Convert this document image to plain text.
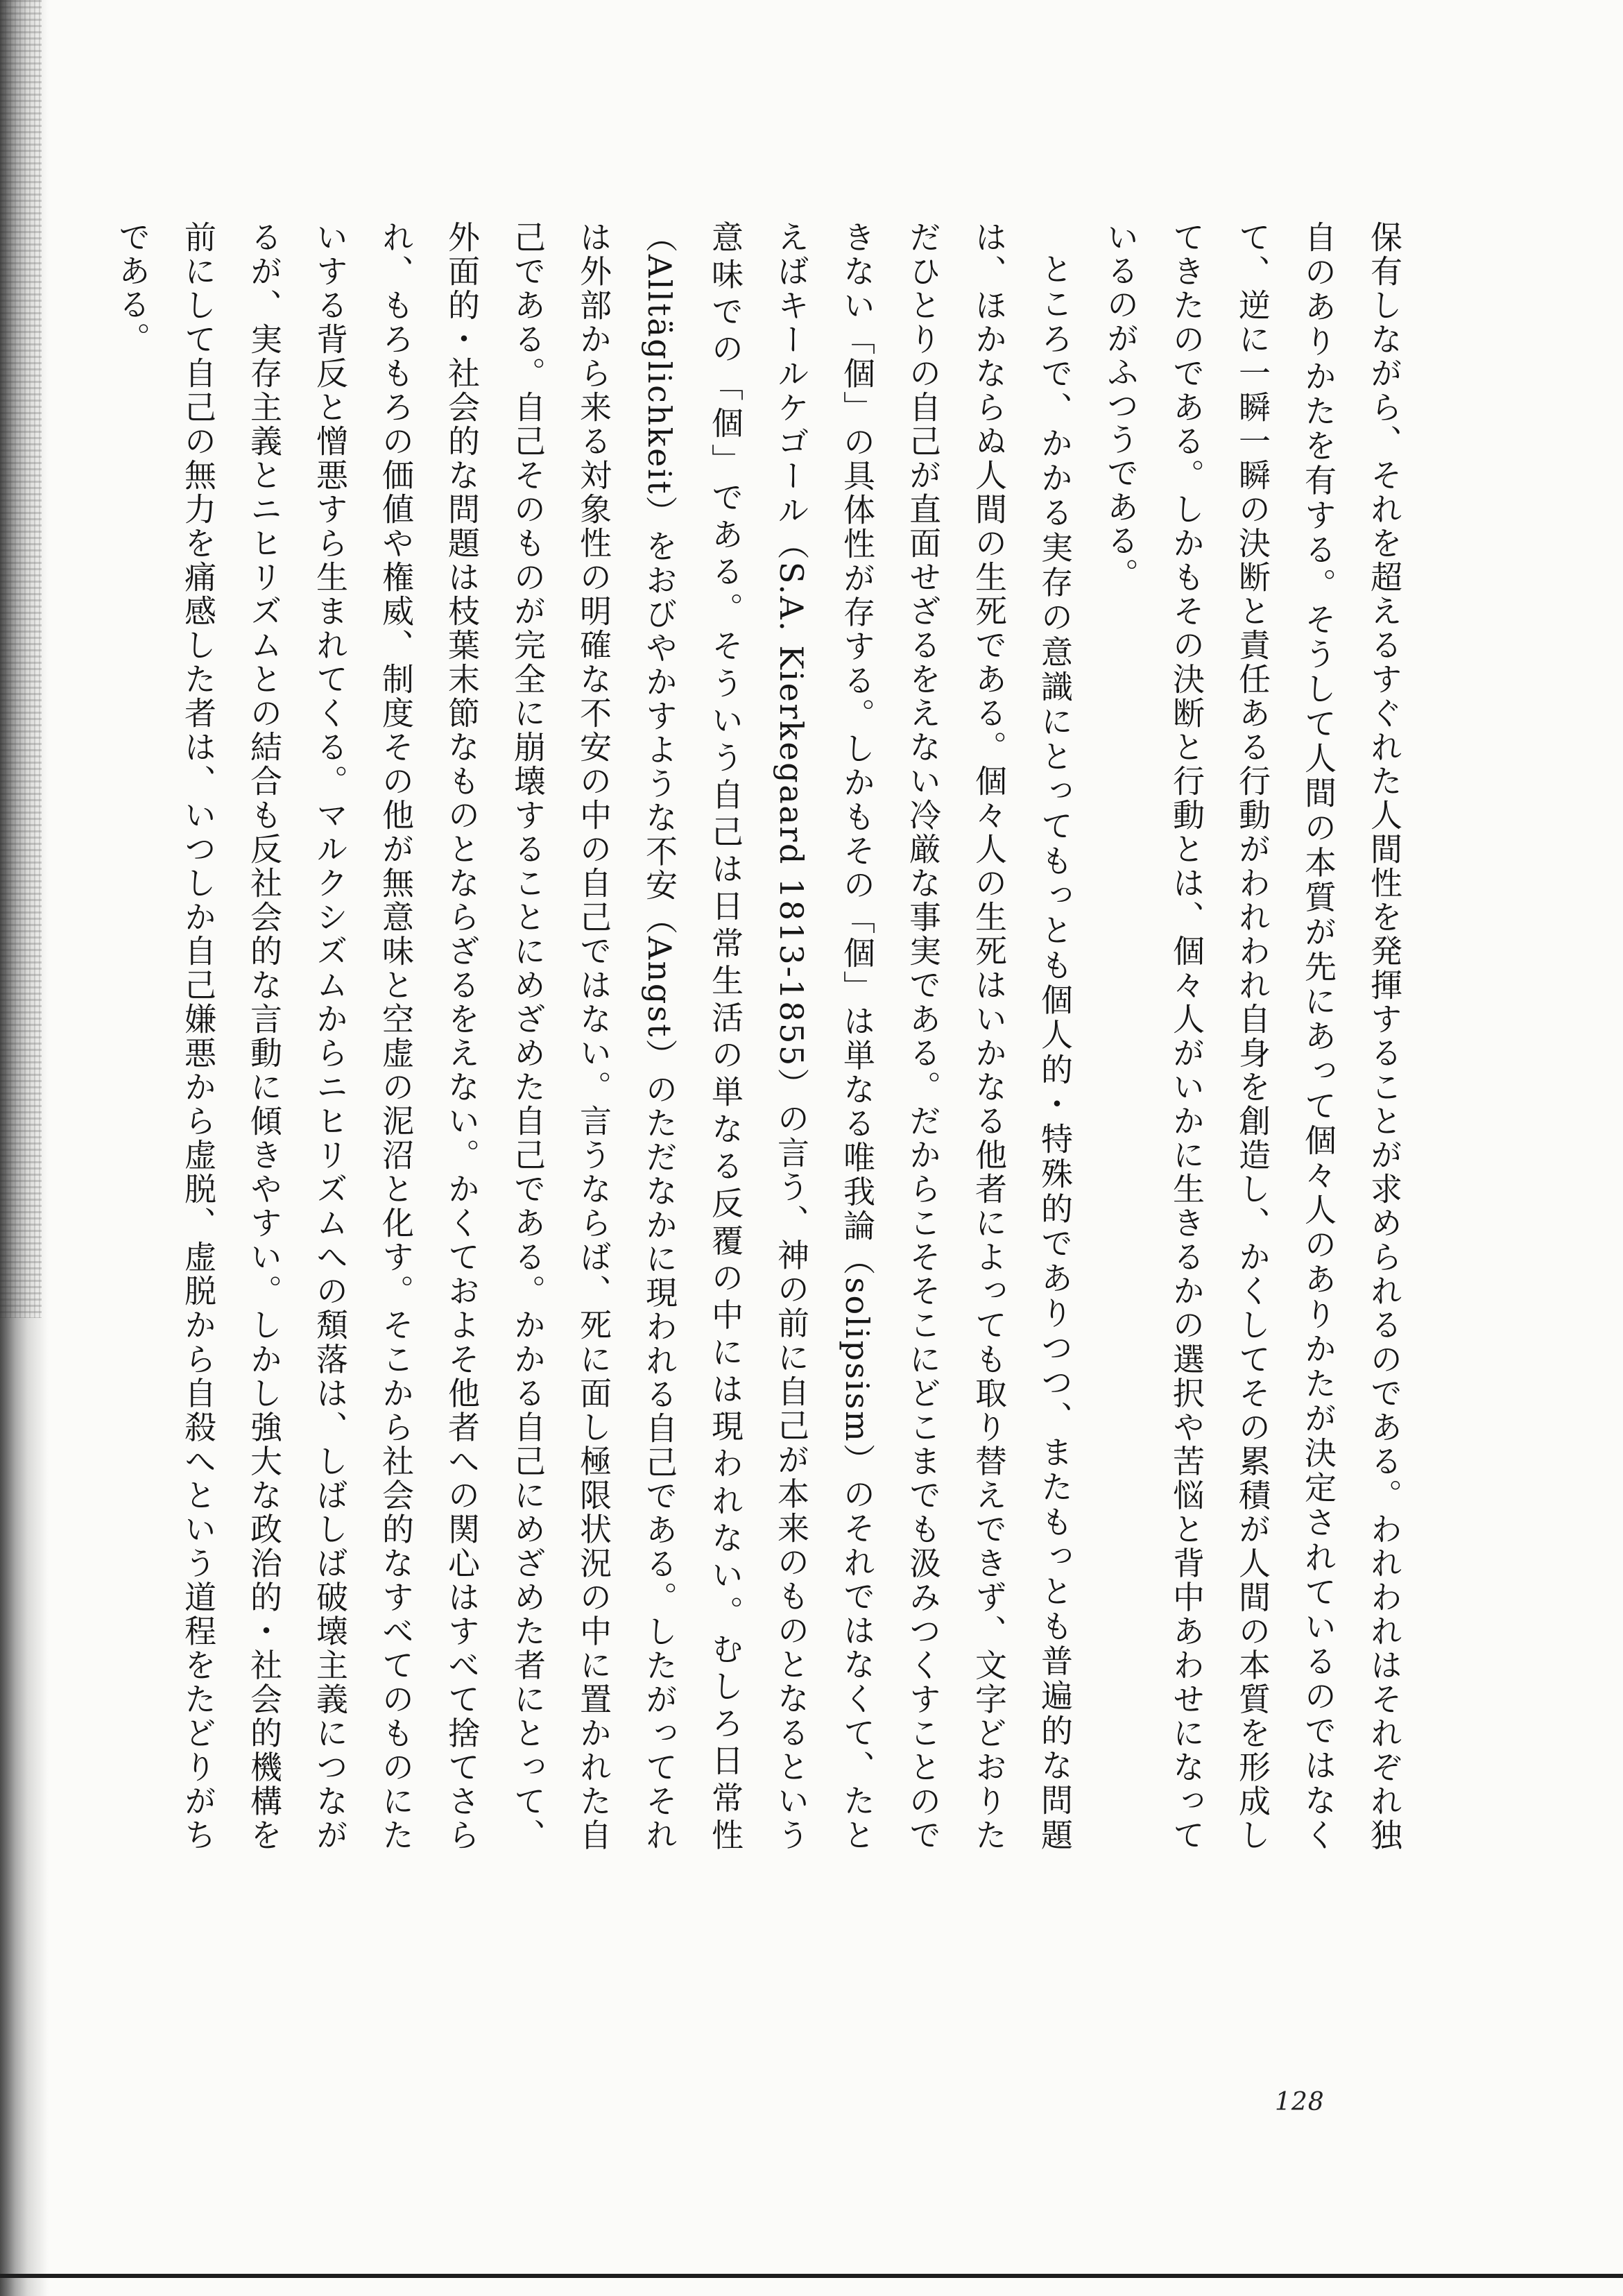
保有しながら、それを超えるすぐれた人間性を発揮することが求められるのである。われわれはそれぞれ独自のありかたを有する。そうして人間の本質が先にあって個々人のありかたが決定されているのではなくて、逆に一瞬一瞬の決断と責任ある行動がわれわれ自身を創造し、かくしてその累積が人間の本質を形成してきたのである。しかもその決断と行動とは、個々人がいかに生きるかの選択や苦悩と背中あわせになっているのがふつうである。

ところで、かかる実存の意識にとってもっとも個人的・特殊的でありつつ、またもっとも普遍的な問題は、ほかならぬ人間の生死である。個々人の生死はいかなる他者によっても取り替えできず、文字どおりただひとりの自己が直面せざるをえない冷厳な事実である。だからこそそこにどこまでも汲みつくすことのできない「個」の具体性が存する。しかもその「個」は単なる唯我論（solipsism）のそれではなくて、たとえばキールケゴール（S.A. Kierkegaard 1813-1855）の言う、神の前に自己が本来のものとなるという意味での「個」である。そういう自己は日常生活の単なる反覆の中には現われない。むしろ日常性（Alltäglichkeit）をおびやかすような不安（Angst）のただなかに現われる自己である。したがってそれは外部から来る対象性の明確な不安の中の自己ではない。言うならば、死に面し極限状況の中に置かれた自己である。自己そのものが完全に崩壊することにめざめた自己である。かかる自己にめざめた者にとって、外面的・社会的な問題は枝葉末節なものとならざるをえない。かくておよそ他者への関心はすべて捨てさられ、もろもろの価値や権威、制度その他が無意味と空虚の泥沼と化す。そこから社会的なすべてのものにたいする背反と憎悪すら生まれてくる。マルクシズムからニヒリズムへの頽落は、しばしば破壊主義につながるが、実存主義とニヒリズムとの結合も反社会的な言動に傾きやすい。しかし強大な政治的・社会的機構を前にして自己の無力を痛感した者は、いつしか自己嫌悪から虚脱、虚脱から自殺へという道程をたどりがちである。

128
